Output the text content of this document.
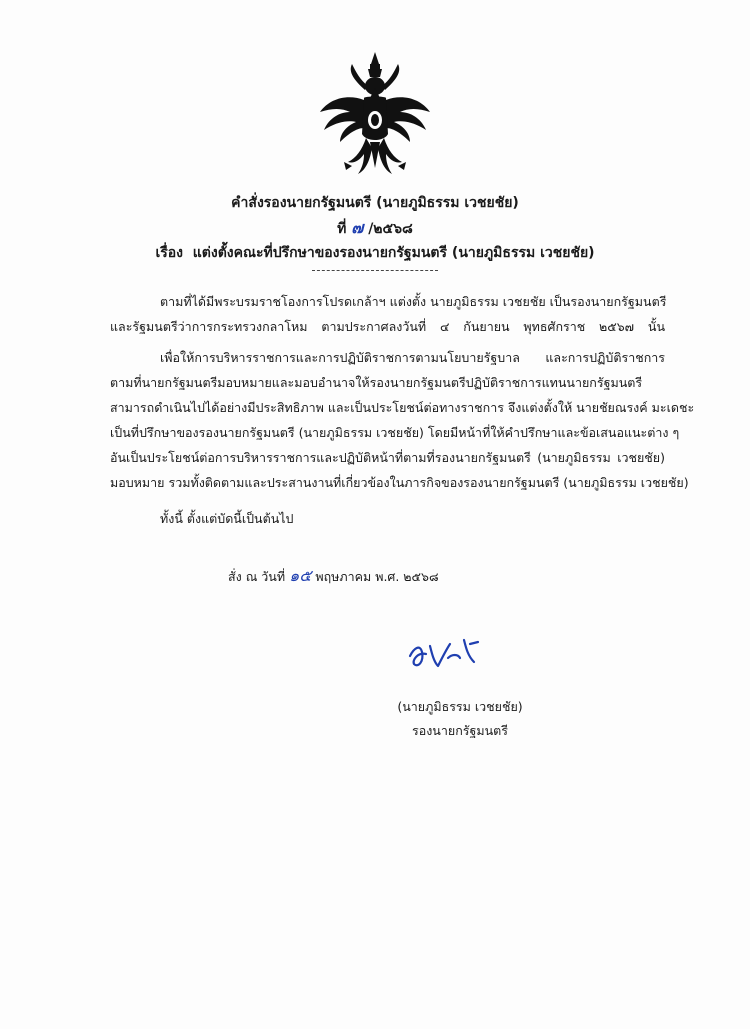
คำสั่งรองนายกรัฐมนตรี (นายภูมิธรรม เวชยชัย)
ที่ ๗ /๒๕๖๘
เรื่อง แต่งตั้งคณะที่ปรึกษาของรองนายกรัฐมนตรี (นายภูมิธรรม เวชยชัย)
ตามที่ได้มีพระบรมราชโองการโปรดเกล้าฯ แต่งตั้ง นายภูมิธรรม เวชยชัย เป็นรองนายกรัฐมนตรี
และรัฐมนตรีว่าการกระทรวงกลาโหม ตามประกาศลงวันที่ ๔ กันยายน พุทธศักราช ๒๕๖๗ นั้น
เพื่อให้การบริหารราชการและการปฏิบัติราชการตามนโยบายรัฐบาล และการปฏิบัติราชการ
ตามที่นายกรัฐมนตรีมอบหมายและมอบอำนาจให้รองนายกรัฐมนตรีปฏิบัติราชการแทนนายกรัฐมนตรี
สามารถดำเนินไปได้อย่างมีประสิทธิภาพ และเป็นประโยชน์ต่อทางราชการ จึงแต่งตั้งให้ นายชัยณรงค์ มะเดชะ
เป็นที่ปรึกษาของรองนายกรัฐมนตรี (นายภูมิธรรม เวชยชัย) โดยมีหน้าที่ให้คำปรึกษาและข้อเสนอแนะต่าง ๆ
อันเป็นประโยชน์ต่อการบริหารราชการและปฏิบัติหน้าที่ตามที่รองนายกรัฐมนตรี (นายภูมิธรรม เวชยชัย)
มอบหมาย รวมทั้งติดตามและประสานงานที่เกี่ยวข้องในภารกิจของรองนายกรัฐมนตรี (นายภูมิธรรม เวชยชัย)
ทั้งนี้ ตั้งแต่บัดนี้เป็นต้นไป
สั่ง ณ วันที่ ๑๕ พฤษภาคม พ.ศ. ๒๕๖๘
(นายภูมิธรรม เวชยชัย)
รองนายกรัฐมนตรี
